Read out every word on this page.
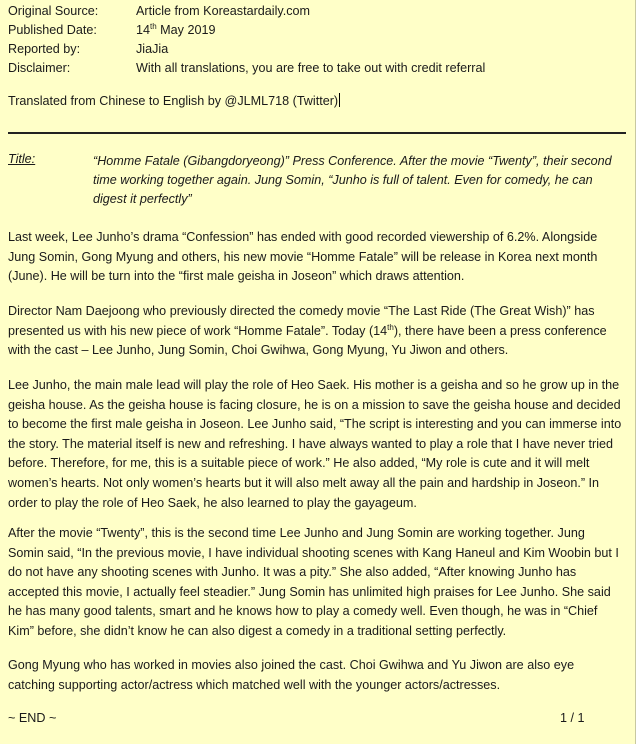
Original Source:	Article from Koreastardaily.com
Published Date:	14th May 2019
Reported by:	JiaJia
Disclaimer:	With all translations, you are free to take out with credit referral
Translated from Chinese to English by @JLML718 (Twitter)
Title:	“Homme Fatale (Gibangdoryeong)” Press Conference. After the movie “Twenty”, their second time working together again. Jung Somin, “Junho is full of talent. Even for comedy, he can digest it perfectly”

Last week, Lee Junho’s drama “Confession” has ended with good recorded viewership of 6.2%. Alongside Jung Somin, Gong Myung and others, his new movie “Homme Fatale” will be release in Korea next month (June). He will be turn into the “first male geisha in Joseon” which draws attention.

Director Nam Daejoong who previously directed the comedy movie “The Last Ride (The Great Wish)” has presented us with his new piece of work “Homme Fatale”. Today (14th), there have been a press conference with the cast – Lee Junho, Jung Somin, Choi Gwihwa, Gong Myung, Yu Jiwon and others.

Lee Junho, the main male lead will play the role of Heo Saek. His mother is a geisha and so he grow up in the geisha house. As the geisha house is facing closure, he is on a mission to save the geisha house and decided to become the first male geisha in Joseon. Lee Junho said, “The script is interesting and you can immerse into the story. The material itself is new and refreshing. I have always wanted to play a role that I have never tried before. Therefore, for me, this is a suitable piece of work.” He also added, “My role is cute and it will melt women’s hearts. Not only women’s hearts but it will also melt away all the pain and hardship in Joseon.” In order to play the role of Heo Saek, he also learned to play the gayageum.

After the movie “Twenty”, this is the second time Lee Junho and Jung Somin are working together. Jung Somin said, “In the previous movie, I have individual shooting scenes with Kang Haneul and Kim Woobin but I do not have any shooting scenes with Junho. It was a pity.” She also added, “After knowing Junho has accepted this movie, I actually feel steadier.” Jung Somin has unlimited high praises for Lee Junho. She said he has many good talents, smart and he knows how to play a comedy well. Even though, he was in “Chief Kim” before, she didn’t know he can also digest a comedy in a traditional setting perfectly.

Gong Myung who has worked in movies also joined the cast. Choi Gwihwa and Yu Jiwon are also eye catching supporting actor/actress which matched well with the younger actors/actresses.

~ END ~	1 / 1
